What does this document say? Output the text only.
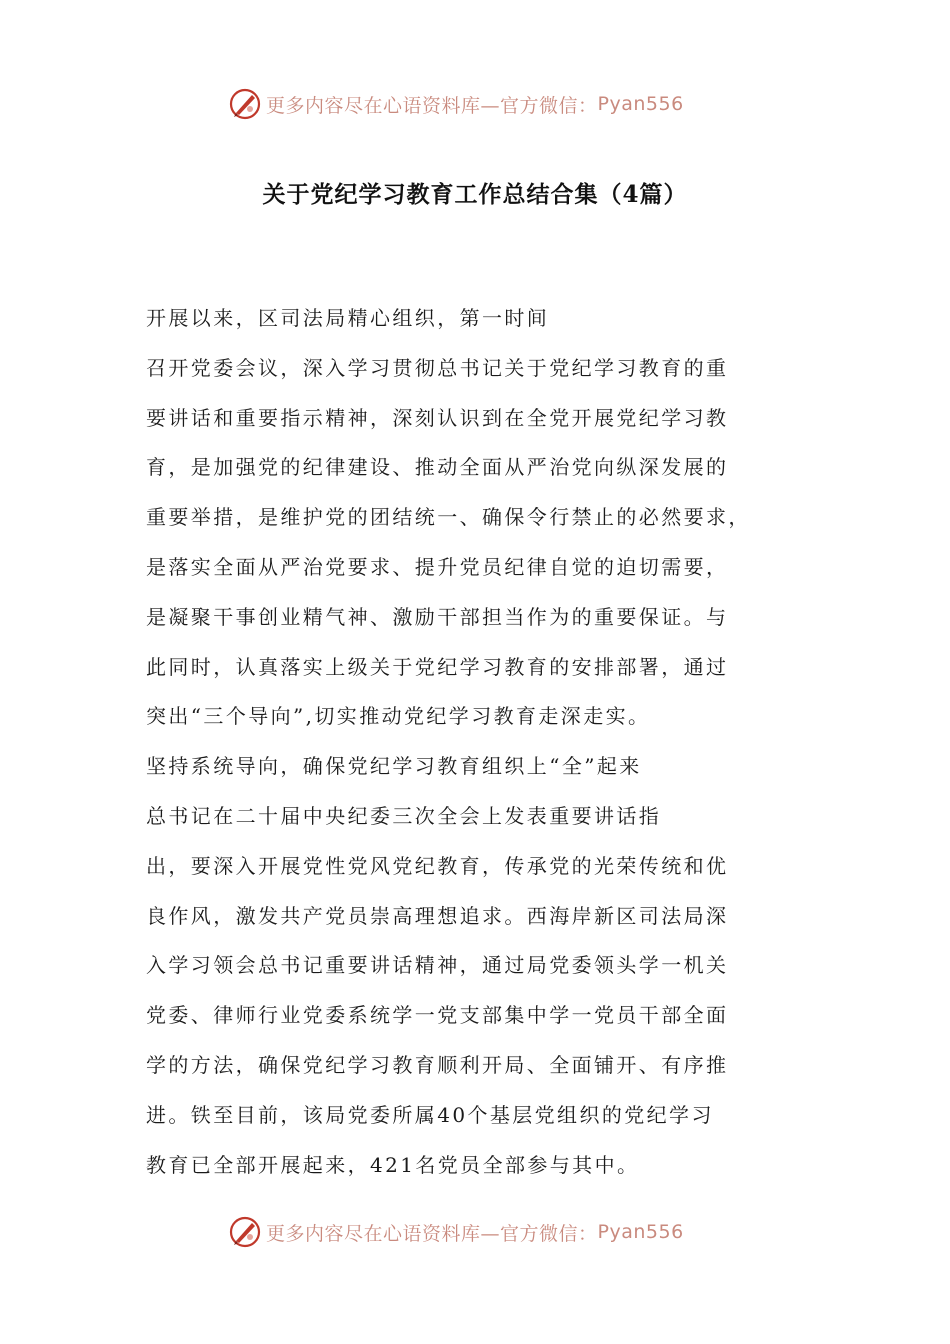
更多内容尽在心语资料库—官方微信： Pyan556
关于党纪学习教育工作总结合集（4篇）
开展以来，区司法局精心组织，第一时间
召开党委会议，深入学习贯彻总书记关于党纪学习教育的重
要讲话和重要指示精神，深刻认识到在全党开展党纪学习教
育，是加强党的纪律建设、推动全面从严治党向纵深发展的
重要举措，是维护党的团结统一、确保令行禁止的必然要求，
是落实全面从严治党要求、提升党员纪律自觉的迫切需要，
是凝聚干事创业精气神、激励干部担当作为的重要保证。与
此同时，认真落实上级关于党纪学习教育的安排部署，通过
突出“三个导向”,切实推动党纪学习教育走深走实。
坚持系统导向，确保党纪学习教育组织上“全”起来
总书记在二十届中央纪委三次全会上发表重要讲话指
出，要深入开展党性党风党纪教育，传承党的光荣传统和优
良作风，激发共产党员崇高理想追求。西海岸新区司法局深
入学习领会总书记重要讲话精神，通过局党委领头学一机关
党委、律师行业党委系统学一党支部集中学一党员干部全面
学的方法，确保党纪学习教育顺利开局、全面铺开、有序推
进。铁至目前，该局党委所属40个基层党组织的党纪学习
教育已全部开展起来，421名党员全部参与其中。
更多内容尽在心语资料库—官方微信： Pyan556
